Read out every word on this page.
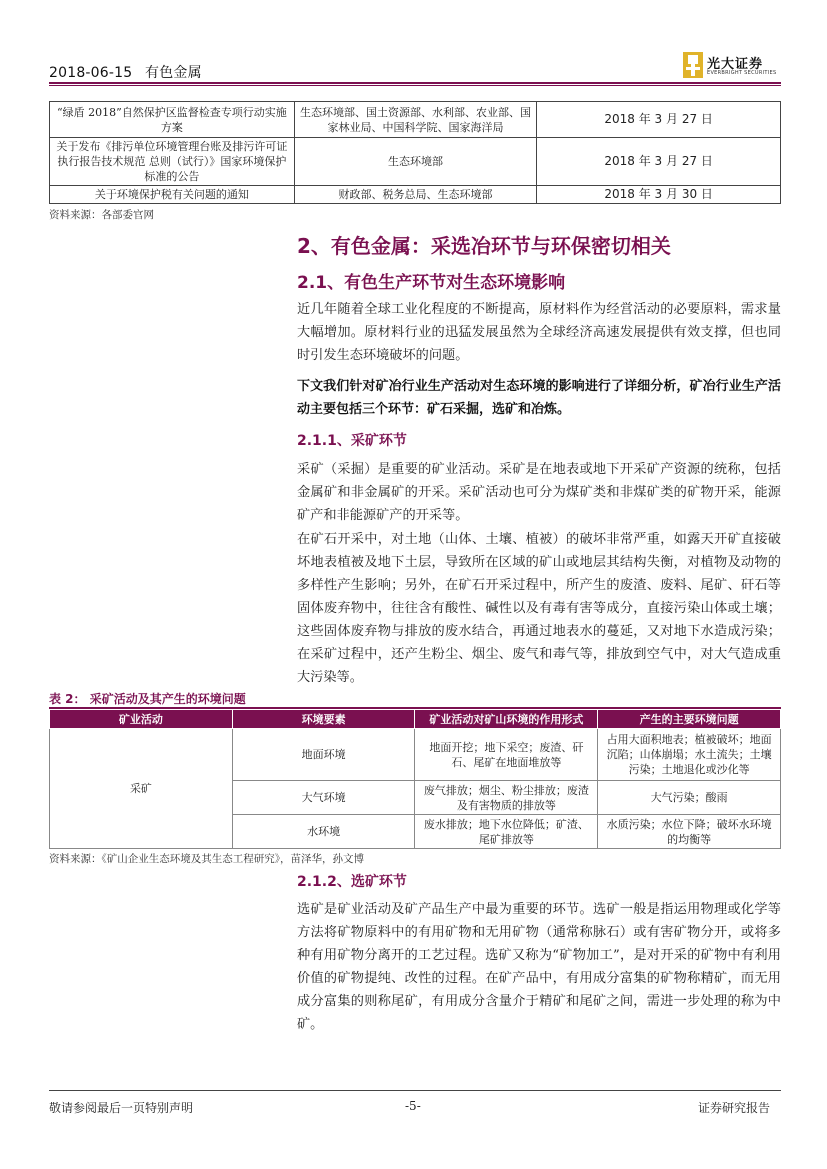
2018-06-15 有色金属
光大证券
EVERBRIGHT SECURITIES
“绿盾 2018”自然保护区监督检查专项行动实施方案	生态环境部、国土资源部、水利部、农业部、国家林业局、中国科学院、国家海洋局	2018 年 3 月 27 日
关于发布《排污单位环境管理台账及排污许可证执行报告技术规范 总则（试行）》国家环境保护标准的公告	生态环境部	2018 年 3 月 27 日
关于环境保护税有关问题的通知	财政部、税务总局、生态环境部	2018 年 3 月 30 日
资料来源：各部委官网
2、有色金属：采选冶环节与环保密切相关
2.1、有色生产环节对生态环境影响

近几年随着全球工业化程度的不断提高，原材料作为经営活动的必要原料，需求量大幅增加。原材料行业的迅猛发展虽然为全球经济高速发展提供有效支撑，但也同时引发生态环境破坏的问题。

下文我们针对矿冶行业生产活动对生态环境的影响进行了详细分析，矿冶行业生产活动主要包括三个环节：矿石采掘，选矿和冶炼。

2.1.1、采矿环节

采矿（采掘）是重要的矿业活动。采矿是在地表或地下开采矿产资源的统称，包括金属矿和非金属矿的开采。采矿活动也可分为煤矿类和非煤矿类的矿物开采，能源矿产和非能源矿产的开采等。

在矿石开采中，对土地（山体、土壤、植被）的破坏非常严重，如露天开矿直接破坏地表植被及地下土层，导致所在区域的矿山或地层其结构失衡，对植物及动物的多样性产生影响；另外，在矿石开采过程中，所产生的废渣、废料、尾矿、矸石等固体废弃物中，往往含有酸性、碱性以及有毒有害等成分，直接污染山体或土壤；这些固体废弃物与排放的废水结合，再通过地表水的蔓延，又对地下水造成污染；在采矿过程中，还产生粉尘、烟尘、废气和毒气等，排放到空气中，对大气造成重大污染等。

表 2： 采矿活动及其产生的环境问题
矿业活动	环境要素	矿业活动对矿山环境的作用形式	产生的主要环境问题
采矿	地面环境	地面开挖；地下采空；废渣、矸石、尾矿在地面堆放等	占用大面积地表；植被破坏；地面沉陷；山体崩塌；水土流失；土壤污染；土地退化或沙化等
	大气环境	废气排放；烟尘、粉尘排放；废渣及有害物质的排放等	大气污染；酸雨
	水环境	废水排放；地下水位降低；矿渣、尾矿排放等	水质污染；水位下降；破坏水环境的均衡等
资料来源：《矿山企业生态环境及其生态工程研究》，苗泽华，孙文博
2.1.2、选矿环节

选矿是矿业活动及矿产品生产中最为重要的环节。选矿一般是指运用物理或化学等方法将矿物原料中的有用矿物和无用矿物（通常称脉石）或有害矿物分开，或将多种有用矿物分离开的工艺过程。选矿又称为“矿物加工”，是对开采的矿物中有利用价值的矿物提纯、改性的过程。在矿产品中，有用成分富集的矿物称精矿，而无用成分富集的则称尾矿，有用成分含量介于精矿和尾矿之间，需进一步处理的称为中矿。

敬请参阅最后一页特别声明	-5-	证券研究报告
